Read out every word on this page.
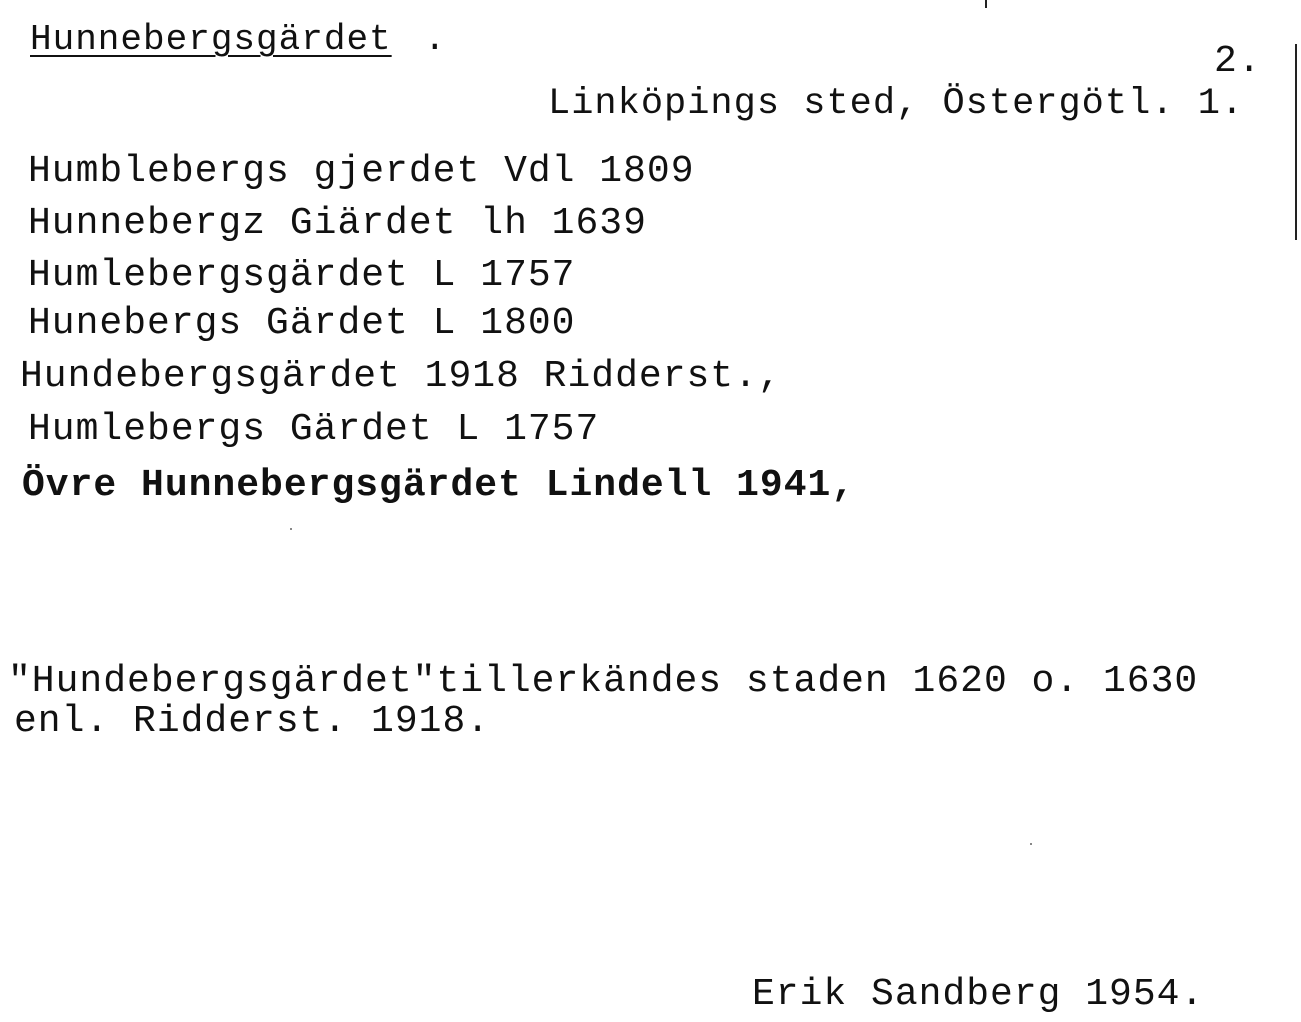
Hunnebergsgärdet .
2.
Linköpings sted, Östergötl. 1.
Humblebergs gjerdet Vdl 1809
Hunnebergz Giärdet lh 1639
Humlebergsgärdet L 1757
Hunebergs Gärdet L 1800
Hundebergsgärdet 1918 Ridderst.,
Humlebergs Gärdet L 1757
Övre Hunnebergsgärdet Lindell 1941,
"Hundebergsgärdet"tillerkändes staden 1620 o. 1630
enl. Ridderst. 1918.
Erik Sandberg 1954.
